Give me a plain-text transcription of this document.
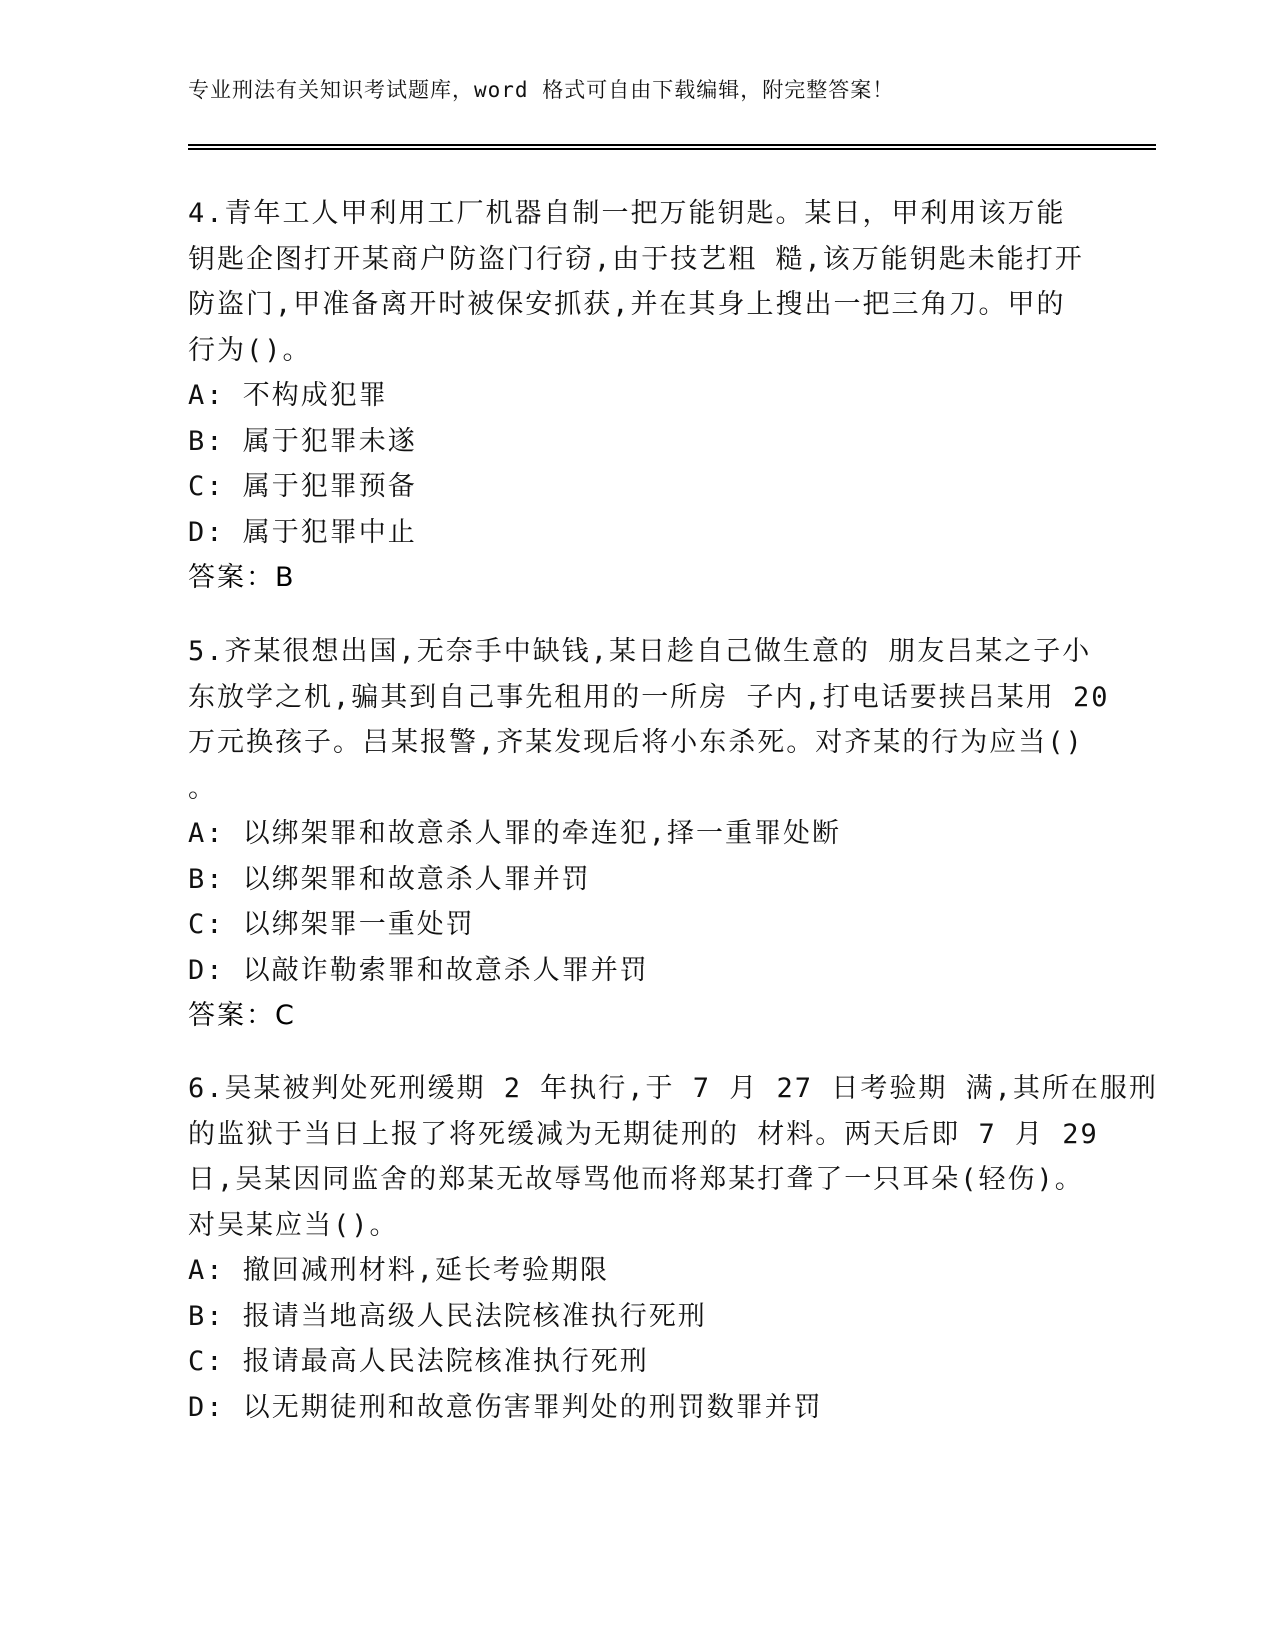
专业刑法有关知识考试题库，word 格式可自由下载编辑，附完整答案！
4.青年工人甲利用工厂机器自制一把万能钥匙。某日，甲利用该万能
钥匙企图打开某商户防盗门行窃,由于技艺粗 糙,该万能钥匙未能打开
防盗门,甲准备离开时被保安抓获,并在其身上搜出一把三角刀。甲的
行为()。
A: 不构成犯罪
B: 属于犯罪未遂
C: 属于犯罪预备
D: 属于犯罪中止
答案：B
5.齐某很想出国,无奈手中缺钱,某日趁自己做生意的 朋友吕某之子小
东放学之机,骗其到自己事先租用的一所房 子内,打电话要挟吕某用 20
万元换孩子。吕某报警,齐某发现后将小东杀死。对齐某的行为应当()
。
A: 以绑架罪和故意杀人罪的牵连犯,择一重罪处断
B: 以绑架罪和故意杀人罪并罚
C: 以绑架罪一重处罚
D: 以敲诈勒索罪和故意杀人罪并罚
答案：C
6.吴某被判处死刑缓期 2 年执行,于 7 月 27 日考验期 满,其所在服刑
的监狱于当日上报了将死缓减为无期徒刑的 材料。两天后即 7 月 29
日,吴某因同监舍的郑某无故辱骂他而将郑某打聋了一只耳朵(轻伤)。
对吴某应当()。
A: 撤回减刑材料,延长考验期限
B: 报请当地高级人民法院核准执行死刑
C: 报请最高人民法院核准执行死刑
D: 以无期徒刑和故意伤害罪判处的刑罚数罪并罚
